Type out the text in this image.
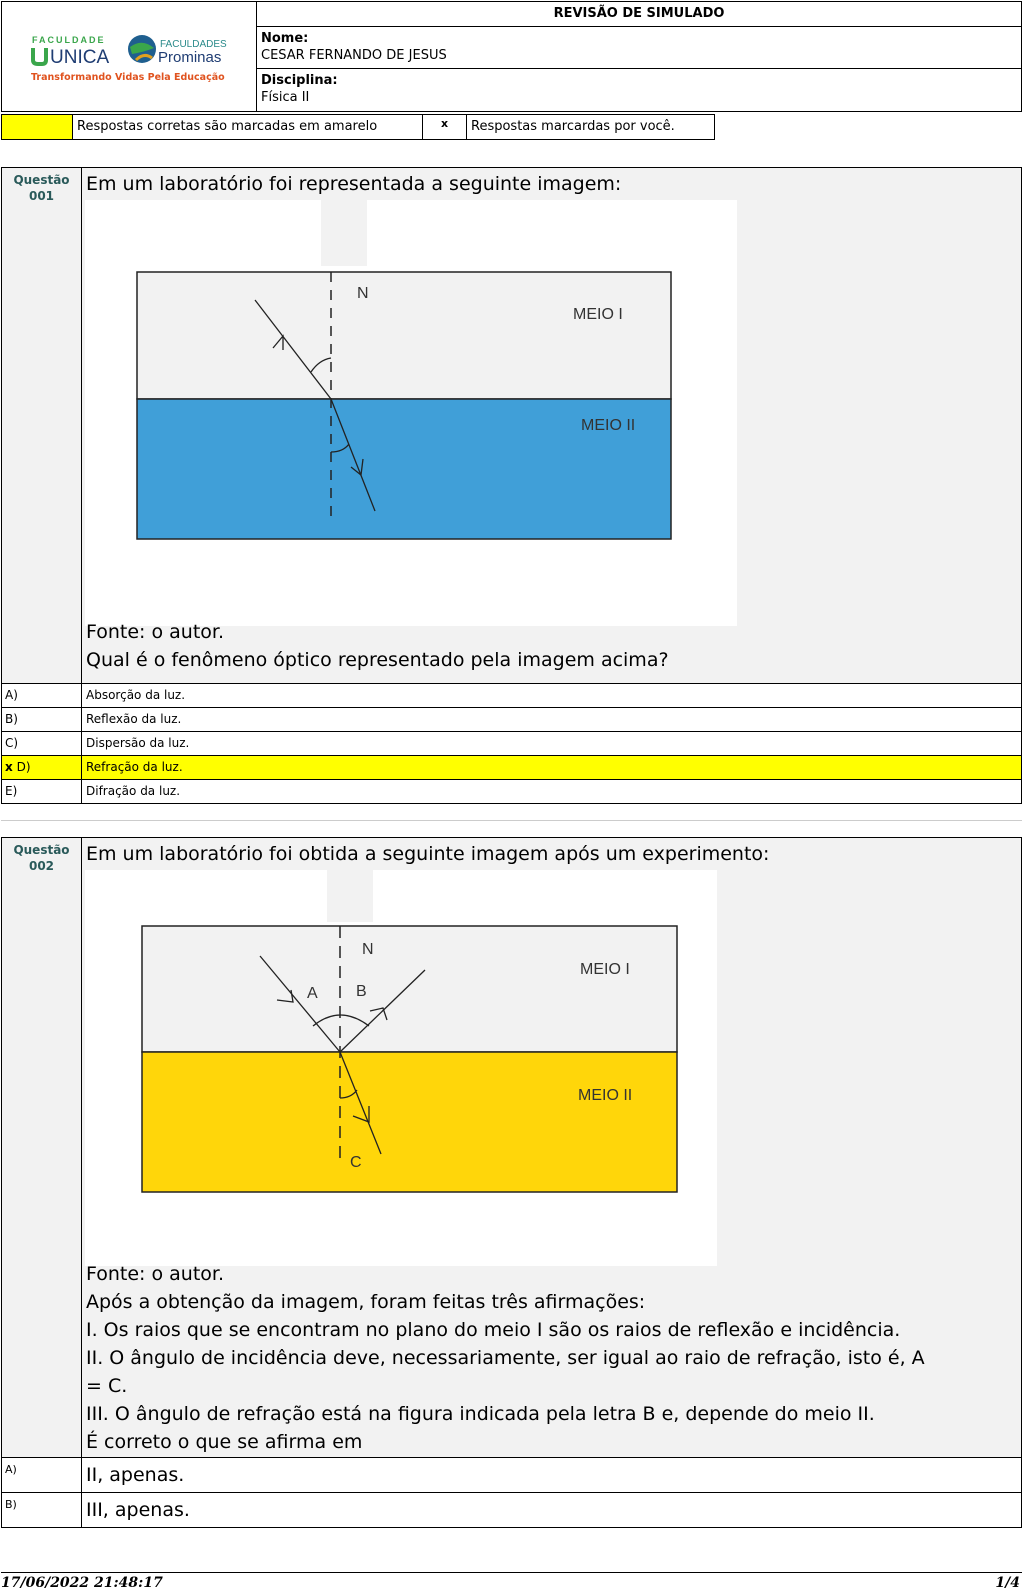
FACULDADE
UNICA
FACULDADES
Prominas
Transformando Vidas Pela Educação
REVISÃO DE SIMULADO
Nome:
CESAR FERNANDO DE JESUS
Disciplina:
Física II
Respostas corretas são marcadas em amarelo	x	Respostas marcardas por você.
Questão
001
Em um laboratório foi representada a seguinte imagem:
N
MEIO I
MEIO II
Fonte: o autor.
Qual é o fenômeno óptico representado pela imagem acima?
A)	Absorção da luz.
B)	Reflexão da luz.
C)	Dispersão da luz.
x D)	Refração da luz.
E)	Difração da luz.
Questão
002
Em um laboratório foi obtida a seguinte imagem após um experimento:
N
A B
C
MEIO I
MEIO II
Fonte: o autor.
Após a obtenção da imagem, foram feitas três afirmações:
I. Os raios que se encontram no plano do meio I são os raios de reflexão e incidência.
II. O ângulo de incidência deve, necessariamente, ser igual ao raio de refração, isto é, A
= C.
III. O ângulo de refração está na figura indicada pela letra B e, depende do meio II.
É correto o que se afirma em
A)	II, apenas.
B)	III, apenas.
17/06/2022 21:48:17	1/4
